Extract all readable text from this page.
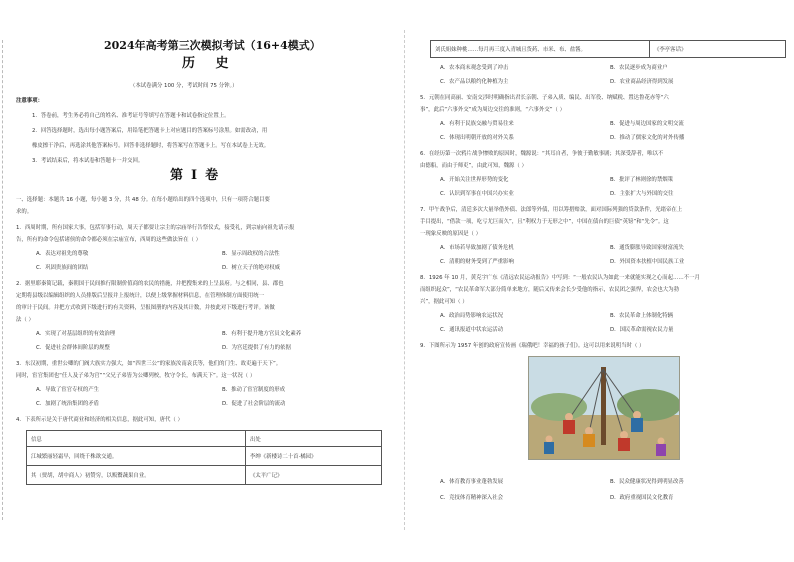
2024年高考第三次模拟考试（16+4模式）
历 史
（本试卷满分 100 分，考试时间 75 分钟。）
注意事项：
1．答卷前，考生务必将自己的姓名、准考证号等填写在答题卡和试卷指定位置上。
2．回答选择题时，选出每小题答案后，用铅笔把答题卡上对应题目的答案标号涂黑。如需改动，用
橡皮擦干净后，再选涂其他答案标号。回答非选择题时，将答案写在答题卡上。写在本试卷上无效。
3．考试结束后，将本试卷和答题卡一并交回。
第Ⅰ卷
一、选择题：本题共 16 小题，每小题 3 分，共 48 分。在每小题给出的四个选项中，只有一项符合题目要
求的。
1．西周时期，所有国家大事，包括军事行动，周天子都要让宗主的宗庙举行告祭仪式，接受礼，到宗庙向祖先请示报
告，所有的命令包括诸侯的命令都必须在宗庙宣布，西周的这些做法旨在（ ）
A．表达对祖先的尊敬	B．显示周政权的合法性
C．巩固贵族间的团结	D．树立天子的绝对权威
2．据里耶秦简记载，秦朝国于民间推行限制价值商的农民的措施，并把搜集来的上呈县府。与之相同，县、郡也
定期将县级以编辑组织的人员排版后呈报并上报统计，以便上级掌握材料信息，在管理体制方面使用统一
的审计于民间。并把方式收到下级进行的有关资料，呈报图册的内容及其计数，并按此对下级进行考评。该做
法（ ）
A．实现了对基层组织的有效治理	B．有利于提升地方官员文化素养
C．促进社会群体间阶层的规整	D．为宫廷提供了有力的依据
3．东汉初期，重世公卿的门阀大族实力强大，如“四世三公”的家族汝南袁氏等，他们的门生、故吏遍于天下”。
同时，宦官集团也“任人及子弟为官”“父兄子弟皆为公卿列校，牧守令长，布满天下”。这一状况（ ）
A．导致了宦官专权的产生	B．推动了宦官制度的形成
C．加剧了统治集团的矛盾	D．促进了社会阶层的流动
4．下表所示是关于唐代商业和经济的相关信息，据此可知，唐代（ ）
信息	出处
江城繁丽轻霜早，回绕千株欲交通。	李绅《新楼诗二十首·橘园》
其（贾胡，胡中商人）初赞穷，以贩鬻蔬果自业。	《太平广记》
刘氏姐妹种桃……每月再三度入青城且货药、市米、布、盐酱。	《李亭客话》
A．农本商末观念受到了冲击	B．农民逐步成为商业户
C．农产品以粮约化种植为主	D．农业商品经济得到发展
5．元朝在同高丽、安南交涉时明确指出君长亲朝、子弟入质、编民、出军役、纳赋税、置达鲁花赤等“六
事”，此后“六事外交”成为周边交往的准则，“六事外交”（ ）
A．有利于民族交融与贸易往来	B．促进与周边国家的文明交流
C．体现出明朝开放的对外关系	D．推动了儒家文化的对外传播
6．在经历第一次鸦片战争惨败的原因时，魏源说：“其耳自者，争彼于勤敏事剧；其深受辞者，唯以不
由德船，而由于师吏”，由此可知，魏源（ ）
A．开始关注世界形势的变化	B．批评了林则徐的禁烟策
C．认识到军事在中国兴办实业	D．主张扩大与外国的交往
7．甲午战争后，清廷多次大量举借外债、法郎等外债，用以筹措赔款，面对国际列强的贷款条件，光绪帝在上
手目提出，“借款一项，吃亏尤巨而久”，且“利权力于无形之中”，中国在债台的巨债“英镑”和“先令”。这
一现象反映的原因是（ ）
A．市场若导致加剧了债务危机	B．通货膨胀导致国家财富流失
C．清朝的财务受到了严重影响	D．外国资本扶植中国民族工业
8．1926 年 10 月，黄克宇广东《清远农民运动报告》中写到：“一般农民认为如此一来就能实现之心而起……不一月
而组织起众”，“农民革命军大部分简单来地方，随后又传来会长少受他的指示，农民团之强悍，农会也大为勃
兴”，据此可知（ ）
A．政治局势影响农运状况	B．农民革命上体制化特辆
C．通讯报道中状农运活动	D．国民革命需视农民力量
9．下图所示为 1957 年创的政府宣传画《瑞俄吧！幸福的孩子们》。这可以用来说明当时（ ）
A．体育教育事业蓬勃发展	B．民众健康状况得到明显改善
C．竞技体育精神深入社会	D．政府重视国民文化教育
